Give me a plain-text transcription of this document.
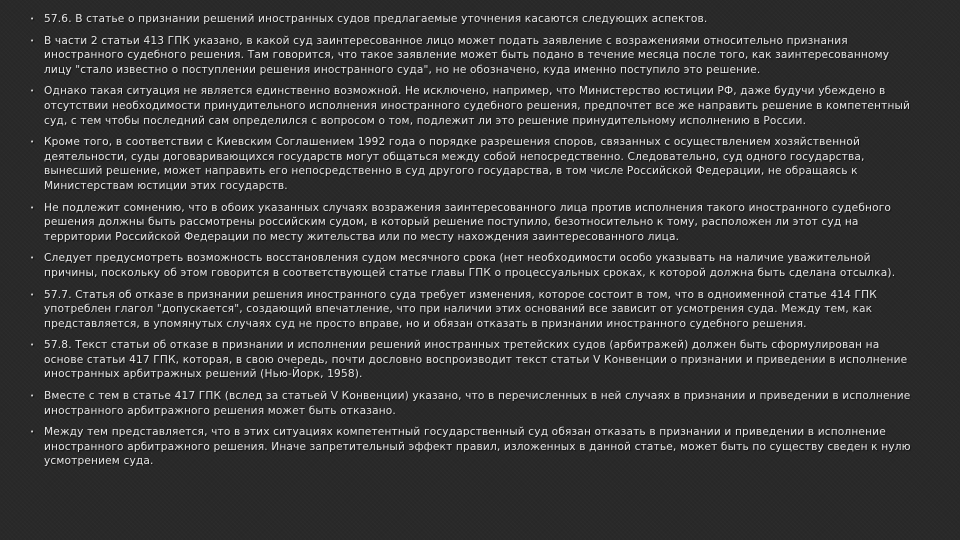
• 57.6. В статье о признании решений иностранных судов предлагаемые уточнения касаются следующих аспектов.
• В части 2 статьи 413 ГПК указано, в какой суд заинтересованное лицо может подать заявление с возражениями относительно признания иностранного судебного решения. Там говорится, что такое заявление может быть подано в течение месяца после того, как заинтересованному лицу "стало известно о поступлении решения иностранного суда", но не обозначено, куда именно поступило это решение.
• Однако такая ситуация не является единственно возможной. Не исключено, например, что Министерство юстиции РФ, даже будучи убежденo в отсутствии необходимости принудительного исполнения иностранного судебного решения, предпочтет все же направить решение в компетентный суд, с тем чтобы последний сам определился с вопросом о том, подлежит ли это решение принудительному исполнению в России.
• Кроме того, в соответствии с Киевским Соглашением 1992 года о порядке разрешения споров, связанных с осуществлением хозяйственной деятельности, суды договаривающихся государств могут общаться между собой непосредственно. Следовательно, суд одного государства, вынесший решение, может направить его непосредственно в суд другого государства, в том числе Российской Федерации, не обращаясь к Министерствам юстиции этих государств.
• Не подлежит сомнению, что в обоих указанных случаях возражения заинтересованного лица против исполнения такого иностранного судебного решения должны быть рассмотрены российским судом, в который решение поступило, безотносительно к тому, расположен ли этот суд на территории Российской Федерации по месту жительства или по месту нахождения заинтересованного лица.
• Следует предусмотреть возможность восстановления судом месячного срока (нет необходимости особо указывать на наличие уважительной причины, поскольку об этом говорится в соответствующей статье главы ГПК о процессуальных сроках, к которой должна быть сделана отсылка).
• 57.7. Статья об отказе в признании решения иностранного суда требует изменения, которое состоит в том, что в одноименной статье 414 ГПК употреблен глагол "допускается", создающий впечатление, что при наличии этих оснований все зависит от усмотрения суда. Между тем, как представляется, в упомянутых случаях суд не просто вправе, но и обязан отказать в признании иностранного судебного решения.
• 57.8. Текст статьи об отказе в признании и исполнении решений иностранных третейских судов (арбитражей) должен быть сформулирован на основе статьи 417 ГПК, которая, в свою очередь, почти дословно воспроизводит текст статьи V Конвенции о признании и приведении в исполнение иностранных арбитражных решений (Нью-Йорк, 1958).
• Вместе с тем в статье 417 ГПК (вслед за статьей V Конвенции) указано, что в перечисленных в ней случаях в признании и приведении в исполнение иностранного арбитражного решения может быть отказано.
• Между тем представляется, что в этих ситуациях компетентный государственный суд обязан отказать в признании и приведении в исполнение иностранного арбитражного решения. Иначе запретительный эффект правил, изложенных в данной статье, может быть по существу сведен к нулю усмотрением суда.
